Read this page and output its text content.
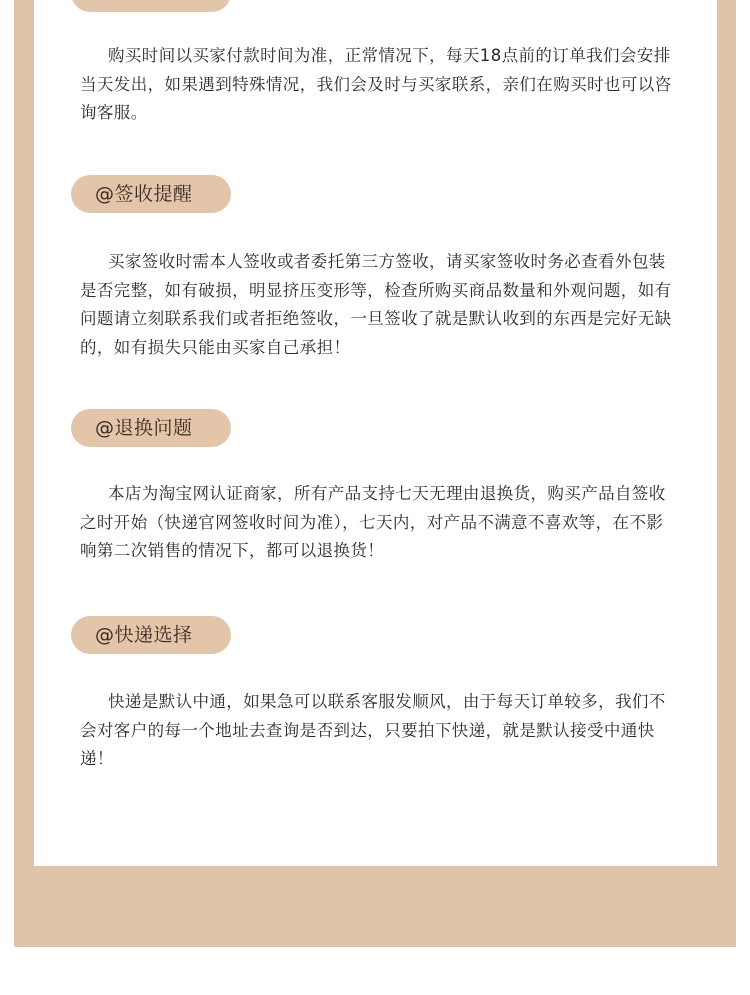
购买时间以买家付款时间为准，正常情况下，每天18点前的订单我们会安排当天发出，如果遇到特殊情况，我们会及时与买家联系，亲们在购买时也可以咨询客服。

@签收提醒

买家签收时需本人签收或者委托第三方签收，请买家签收时务必查看外包装是否完整，如有破损，明显挤压变形等，检查所购买商品数量和外观问题，如有问题请立刻联系我们或者拒绝签收，一旦签收了就是默认收到的东西是完好无缺的，如有损失只能由买家自己承担！

@退换问题

本店为淘宝网认证商家，所有产品支持七天无理由退换货，购买产品自签收之时开始（快递官网签收时间为准），七天内，对产品不满意不喜欢等，在不影响第二次销售的情况下，都可以退换货！

@快递选择

快递是默认中通，如果急可以联系客服发顺风，由于每天订单较多，我们不会对客户的每一个地址去查询是否到达，只要拍下快递，就是默认接受中通快递！
